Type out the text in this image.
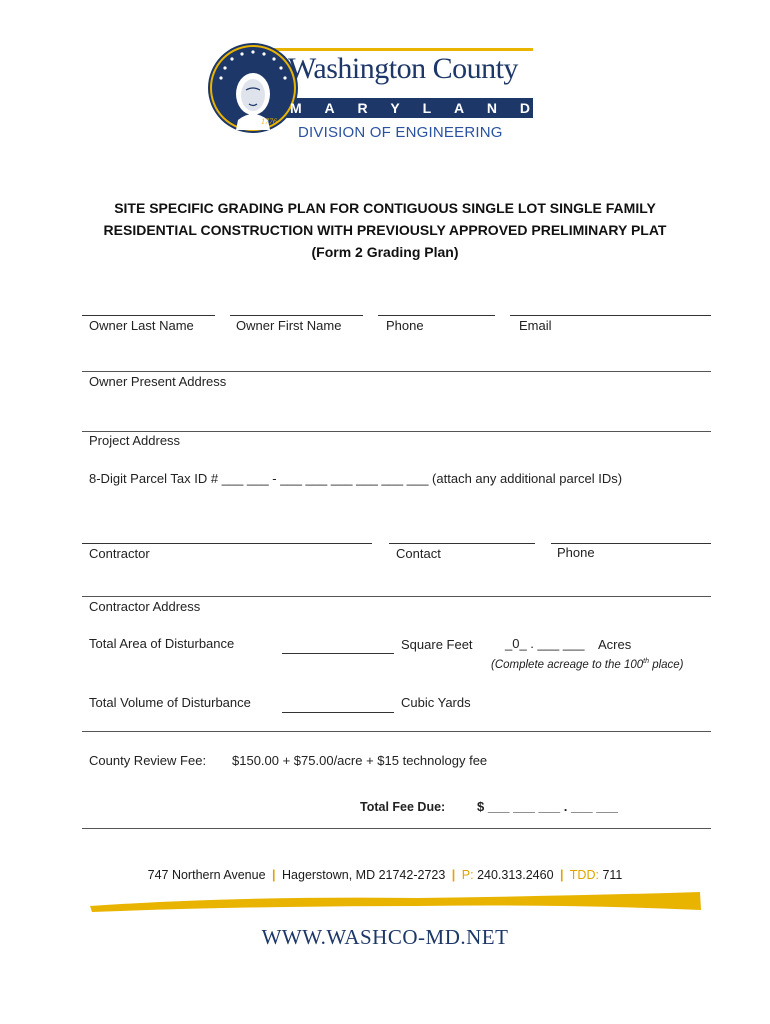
1776
Washington County
M A R Y L A N D
DIVISION OF ENGINEERING
SITE SPECIFIC GRADING PLAN FOR CONTIGUOUS SINGLE LOT SINGLE FAMILY
RESIDENTIAL CONSTRUCTION WITH PREVIOUSLY APPROVED PRELIMINARY PLAT
(Form 2 Grading Plan)
Owner Last Name	Owner First Name	Phone	Email
Owner Present Address
Project Address
8-Digit Parcel Tax ID # ___ ___ - ___ ___ ___ ___ ___ ___ (attach any additional parcel IDs)
Contractor	Contact	Phone
Contractor Address
Total Area of Disturbance	Square Feet _0_ . ___ ___ Acres
(Complete acreage to the 100th place)
Total Volume of Disturbance	Cubic Yards
County Review Fee: $150.00 + $75.00/acre + $15 technology fee
Total Fee Due: $ ___ ___ ___ . ___ ___
747 Northern Avenue | Hagerstown, MD 21742-2723 | P: 240.313.2460 | TDD: 711
WWW.WASHCO-MD.NET
